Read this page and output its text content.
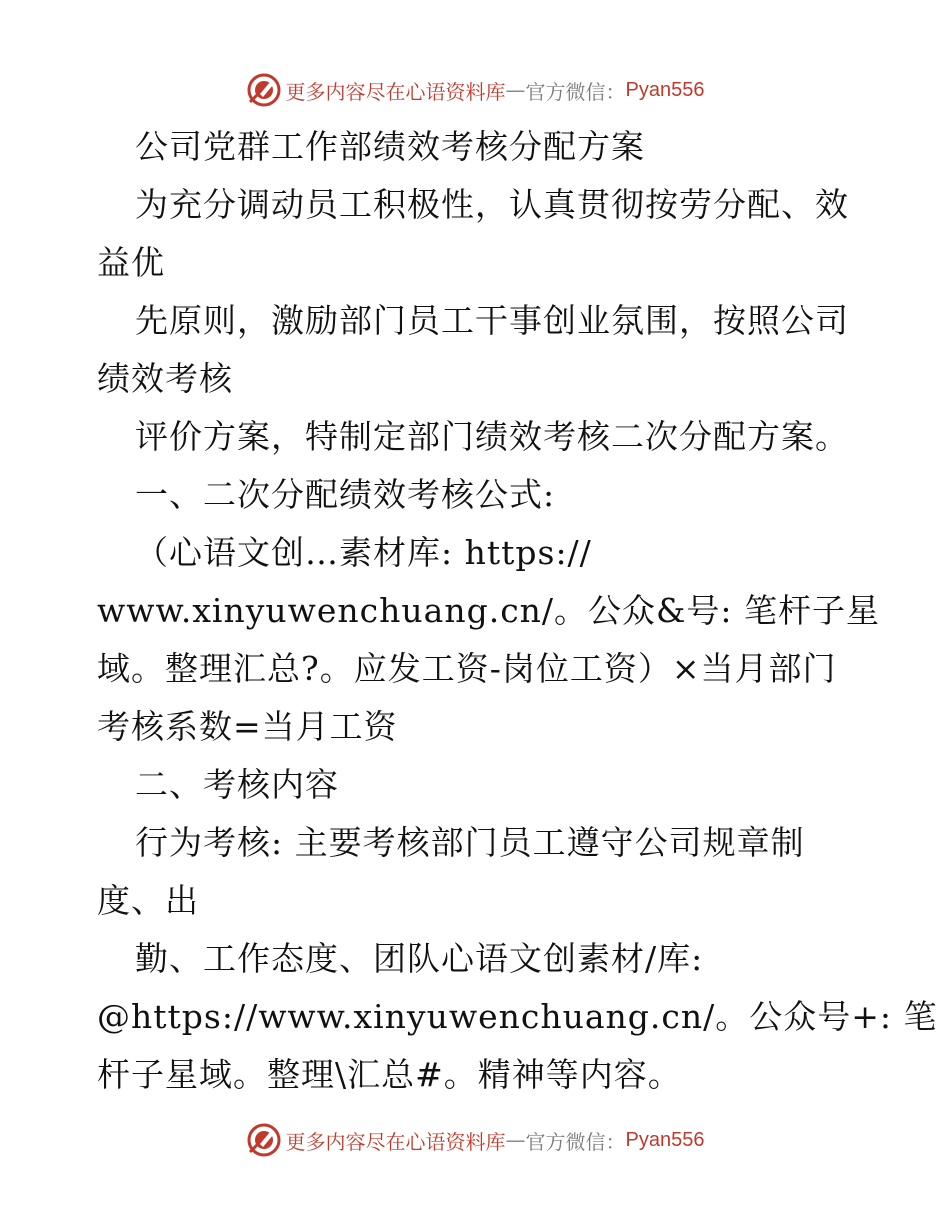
更多内容尽在心语资料库 — 官方微信： Pyan556
公司党群工作部绩效考核分配方案
为充分调动员工积极性，认真贯彻按劳分配、效
益优
先原则，激励部门员工干事创业氛围，按照公司
绩效考核
评价方案，特制定部门绩效考核二次分配方案。
一、二次分配绩效考核公式:
（心语文创…素材库: https://
www.xinyuwenchuang.cn/。公众&号: 笔杆子星
域。整理汇总?。应发工资-岗位工资）×当月部门
考核系数=当月工资
二、考核内容
行为考核: 主要考核部门员工遵守公司规章制
度、出
勤、工作态度、团队心语文创素材/库:
@https://www.xinyuwenchuang.cn/。公众号+: 笔
杆子星域。整理\汇总#。精神等内容。
更多内容尽在心语资料库 — 官方微信： Pyan556
